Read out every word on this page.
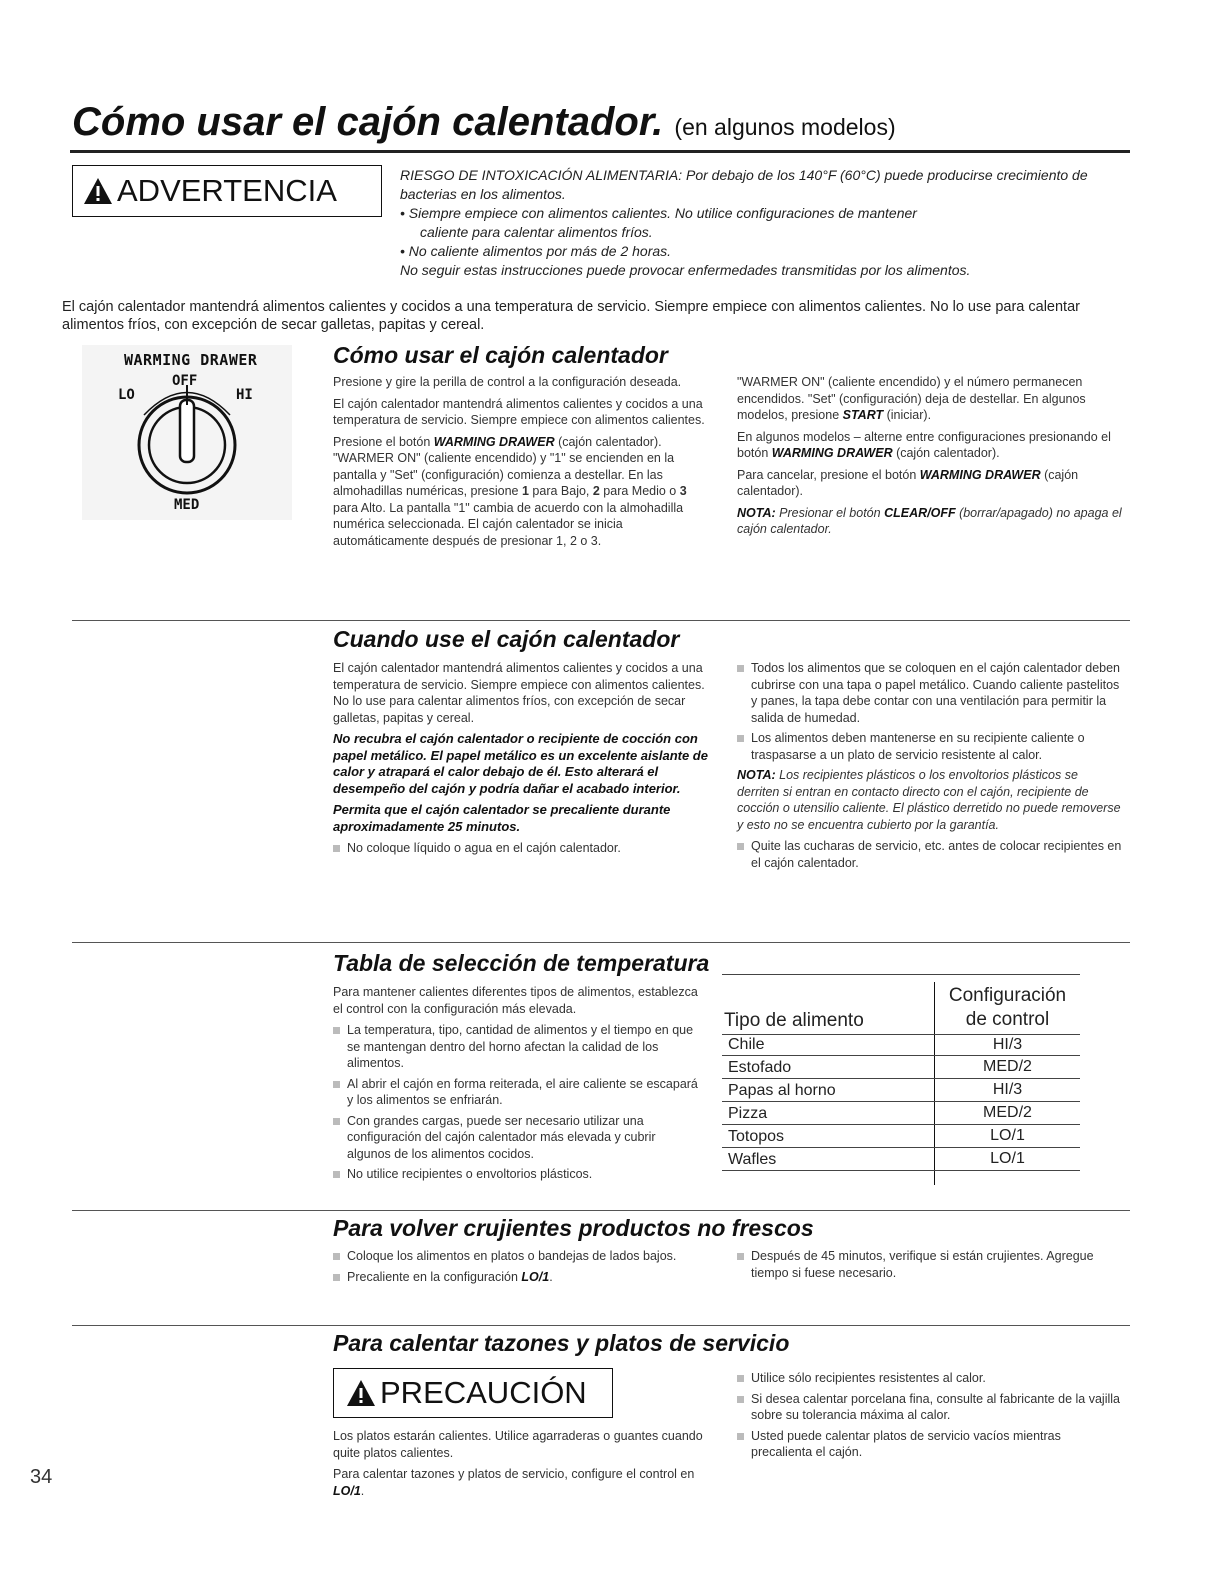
Cómo usar el cajón calentador. (en algunos modelos)
ADVERTENCIA	RIESGO DE INTOXICACIÓN ALIMENTARIA: Por debajo de los 140°F (60°C) puede producirse crecimiento de bacterias en los alimentos.

• Siempre empiece con alimentos calientes. No utilice configuraciones de mantener

caliente para calentar alimentos fríos.

• No caliente alimentos por más de 2 horas.

No seguir estas instrucciones puede provocar enfermedades transmitidas por los alimentos.

El cajón calentador mantendrá alimentos calientes y cocidos a una temperatura de servicio. Siempre empiece con alimentos calientes. No lo use para calentar alimentos fríos, con excepción de secar galletas, papitas y cereal.

WARMING DRAWER
LO
OFF
HI
MED
Cómo usar el cajón calentador

Presione y gire la perilla de control a la configuración deseada.

El cajón calentador mantendrá alimentos calientes y cocidos a una temperatura de servicio. Siempre empiece con alimentos calientes.

Presione el botón WARMING DRAWER (cajón calentador). "WARMER ON" (caliente encendido) y "1" se encienden en la pantalla y "Set" (configuración) comienza a destellar. En las almohadillas numéricas, presione 1 para Bajo, 2 para Medio o 3 para Alto. La pantalla "1" cambia de acuerdo con la almohadilla numérica seleccionada. El cajón calentador se inicia automáticamente después de presionar 1, 2 o 3.

"WARMER ON" (caliente encendido) y el número permanecen encendidos. "Set" (configuración) deja de destellar. En algunos modelos, presione START (iniciar).

En algunos modelos – alterne entre configuraciones presionando el botón WARMING DRAWER (cajón calentador).

Para cancelar, presione el botón WARMING DRAWER (cajón calentador).

NOTA: Presionar el botón CLEAR/OFF (borrar/apagado) no apaga el cajón calentador.

Cuando use el cajón calentador

El cajón calentador mantendrá alimentos calientes y cocidos a una temperatura de servicio. Siempre empiece con alimentos calientes. No lo use para calentar alimentos fríos, con excepción de secar galletas, papitas y cereal.

No recubra el cajón calentador o recipiente de cocción con papel metálico. El papel metálico es un excelente aislante de calor y atrapará el calor debajo de él. Esto alterará el desempeño del cajón y podría dañar el acabado interior.

Permita que el cajón calentador se precaliente durante aproximadamente 25 minutos.

No coloque líquido o agua en el cajón calentador.

Todos los alimentos que se coloquen en el cajón calentador deben cubrirse con una tapa o papel metálico. Cuando caliente pastelitos y panes, la tapa debe contar con una ventilación para permitir la salida de humedad.

Los alimentos deben mantenerse en su recipiente caliente o traspasarse a un plato de servicio resistente al calor.

NOTA: Los recipientes plásticos o los envoltorios plásticos se derriten si entran en contacto directo con el cajón, recipiente de cocción o utensilio caliente. El plástico derretido no puede removerse y esto no se encuentra cubierto por la garantía.

Quite las cucharas de servicio, etc. antes de colocar recipientes en el cajón calentador.

Tabla de selección de temperatura

Para mantener calientes diferentes tipos de alimentos, establezca el control con la configuración más elevada.

La temperatura, tipo, cantidad de alimentos y el tiempo en que se mantengan dentro del horno afectan la calidad de los alimentos.

Al abrir el cajón en forma reiterada, el aire caliente se escapará y los alimentos se enfriarán.

Con grandes cargas, puede ser necesario utilizar una configuración del cajón calentador más elevada y cubrir algunos de los alimentos cocidos.

No utilice recipientes o envoltorios plásticos.

Tipo de alimento	Configuración
de control
Chile	HI/3
Estofado	MED/2
Papas al horno	HI/3
Pizza	MED/2
Totopos	LO/1
Wafles	LO/1

Para volver crujientes productos no frescos

Coloque los alimentos en platos o bandejas de lados bajos.

Precaliente en la configuración LO/1.

Después de 45 minutos, verifique si están crujientes. Agregue tiempo si fuese necesario.

Para calentar tazones y platos de servicio
PRECAUCIÓN

Los platos estarán calientes. Utilice agarraderas o guantes cuando quite platos calientes.

Para calentar tazones y platos de servicio, configure el control en LO/1.

Utilice sólo recipientes resistentes al calor.

Si desea calentar porcelana fina, consulte al fabricante de la vajilla sobre su tolerancia máxima al calor.

Usted puede calentar platos de servicio vacíos mientras precalienta el cajón.

34
